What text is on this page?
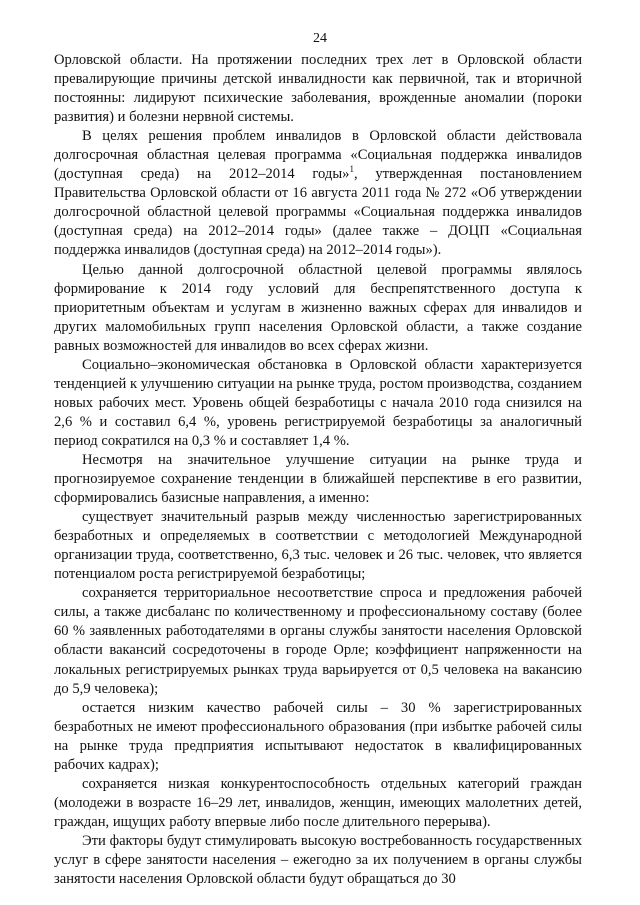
24

Орловской области. На протяжении последних трех лет в Орловской области превалирующие причины детской инвалидности как первичной, так и вторичной постоянны: лидируют психические заболевания, врожденные аномалии (пороки развития) и болезни нервной системы.

В целях решения проблем инвалидов в Орловской области действовала долгосрочная областная целевая программа «Социальная поддержка инвалидов (доступная среда) на 2012–2014 годы»$^1$, утвержденная постановлением Правительства Орловской области от 16 августа 2011 года № 272 «Об утверждении долгосрочной областной целевой программы «Социальная поддержка инвалидов (доступная среда) на 2012–2014 годы» (далее также – ДОЦП «Социальная поддержка инвалидов (доступная среда) на 2012–2014 годы»).

Целью данной долгосрочной областной целевой программы являлось формирование к 2014 году условий для беспрепятственного доступа к приоритетным объектам и услугам в жизненно важных сферах для инвалидов и других маломобильных групп населения Орловской области, а также создание равных возможностей для инвалидов во всех сферах жизни.

Социально–экономическая обстановка в Орловской области характеризуется тенденцией к улучшению ситуации на рынке труда, ростом производства, созданием новых рабочих мест. Уровень общей безработицы с начала 2010 года снизился на 2,6 % и составил 6,4 %, уровень регистрируемой безработицы за аналогичный период сократился на 0,3 % и составляет 1,4 %.

Несмотря на значительное улучшение ситуации на рынке труда и прогнозируемое сохранение тенденции в ближайшей перспективе в его развитии, сформировались базисные направления, а именно:

существует значительный разрыв между численностью зарегистрированных безработных и определяемых в соответствии с методологией Международной организации труда, соответственно, 6,3 тыс. человек и 26 тыс. человек, что является потенциалом роста регистрируемой безработицы;

сохраняется территориальное несоответствие спроса и предложения рабочей силы, а также дисбаланс по количественному и профессиональному составу (более 60 % заявленных работодателями в органы службы занятости населения Орловской области вакансий сосредоточены в городе Орле; коэффициент напряженности на локальных регистрируемых рынках труда варьируется от 0,5 человека на вакансию до 5,9 человека);

остается низким качество рабочей силы – 30 % зарегистрированных безработных не имеют профессионального образования (при избытке рабочей силы на рынке труда предприятия испытывают недостаток в квалифицированных рабочих кадрах);

сохраняется низкая конкурентоспособность отдельных категорий граждан (молодежи в возрасте 16–29 лет, инвалидов, женщин, имеющих малолетних детей, граждан, ищущих работу впервые либо после длительного перерыва).

Эти факторы будут стимулировать высокую востребованность государственных услуг в сфере занятости населения – ежегодно за их получением в органы службы занятости населения Орловской области будут обращаться до 30
